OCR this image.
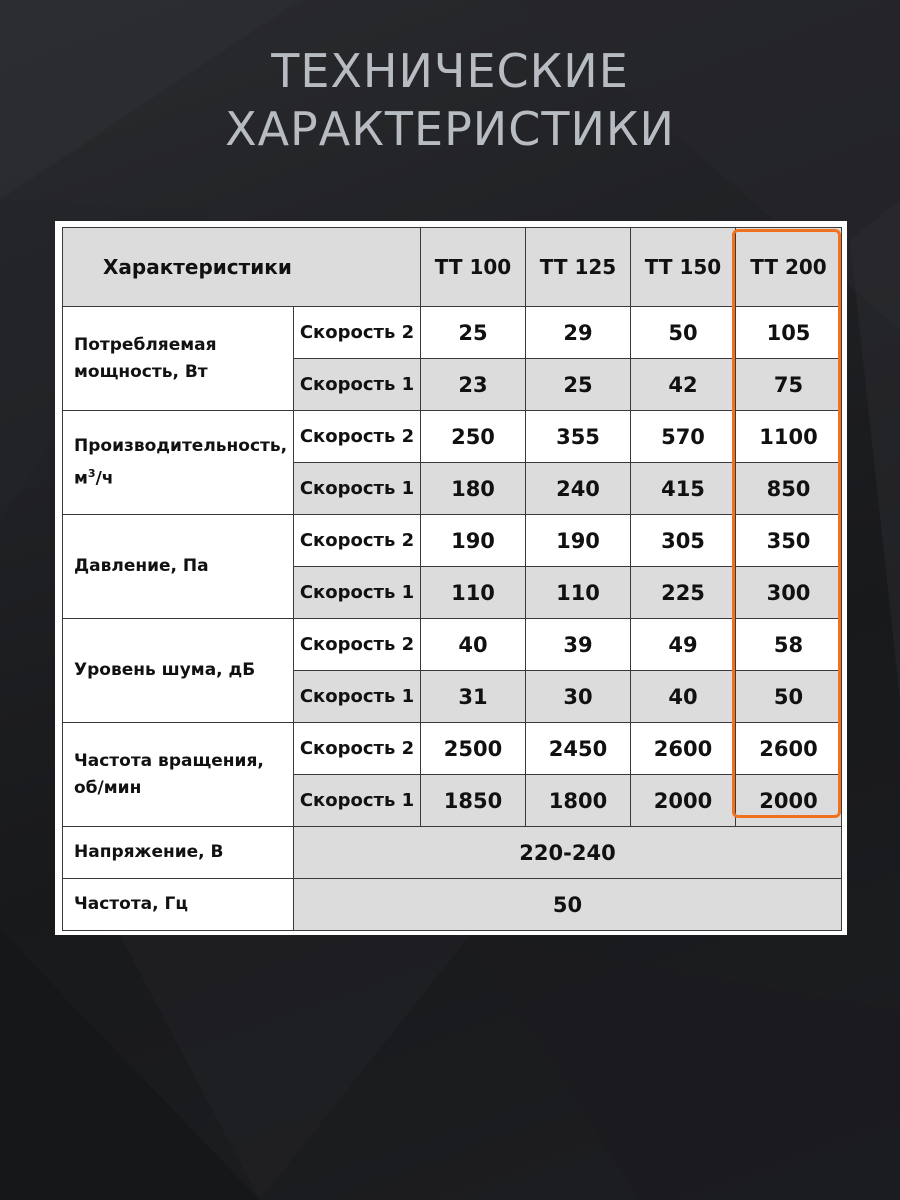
ТЕХНИЧЕСКИЕ
ХАРАКТЕРИСТИКИ
Характеристики		TT 100	TT 125	TT 150	TT 200
Потребляемая мощность, Вт	Скорость 2	25	29	50	105
	Скорость 1	23	25	42	75
Производительность,
$м^3/ч$	Скорость 2	250	355	570	1100
	Скорость 1	180	240	415	850
Давление, Па	Скорость 2	190	190	305	350
	Скорость 1	110	110	225	300
Уровень шума, дБ	Скорость 2	40	39	49	58
	Скорость 1	31	30	40	50
Частота вращения, об/мин	Скорость 2	2500	2450	2600	2600
	Скорость 1	1850	1800	2000	2000
Напряжение, В	220-240				
Частота, Гц	50				
